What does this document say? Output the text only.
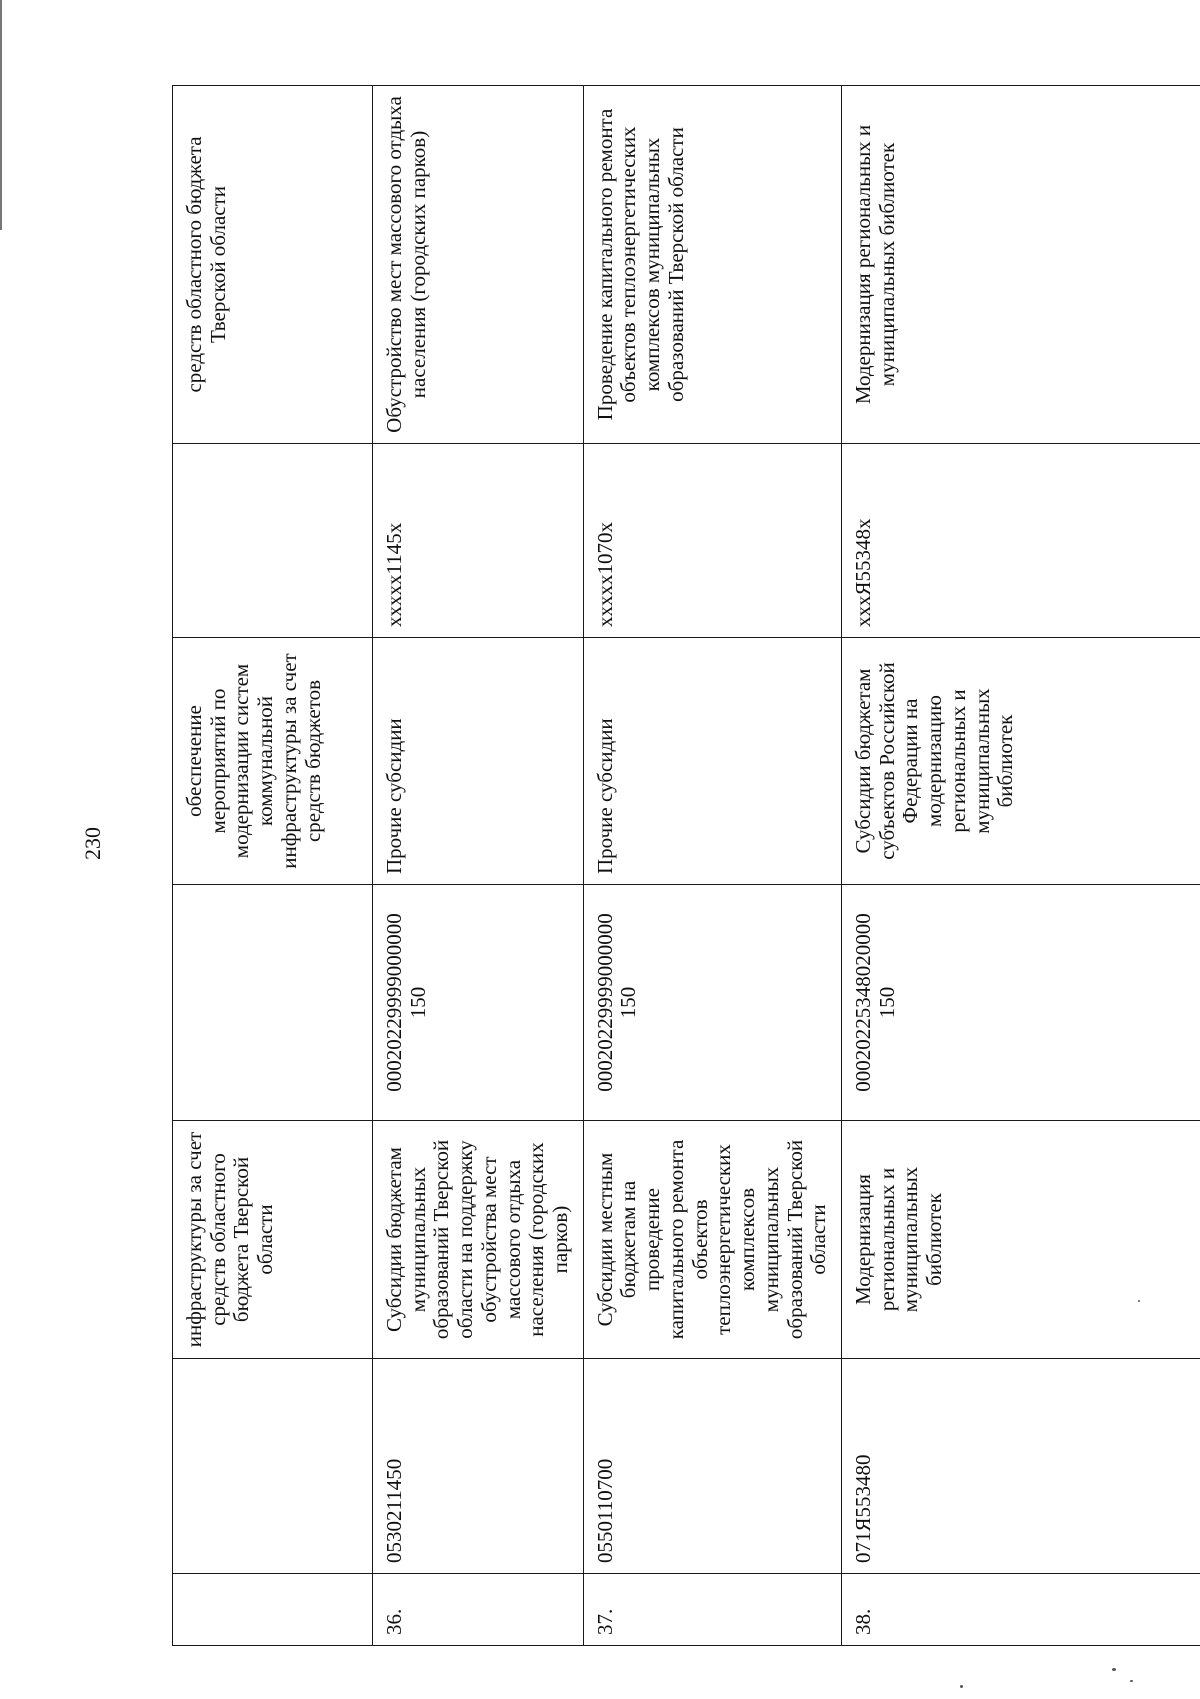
230
		инфраструктуры за счет средств областного бюджета Тверской области		обеспечение мероприятий по модернизации систем коммунальной инфраструктуры за счет средств бюджетов		средств областного бюджета Тверской области
36.	0530211450	Субсидии бюджетам муниципальных образований Тверской области на поддержку обустройства мест массового отдыха населения (городских парков)	00020229999000000 150	Прочие субсидии	xxxxx1145x	Обустройство мест массового отдыха населения (городских парков)
37.	0550110700	Субсидии местным бюджетам на проведение капитального ремонта объектов теплоэнергетических комплексов муниципальных образований Тверской области	00020229999000000 150	Прочие субсидии	xxxxx1070x	Проведение капитального ремонта объектов теплоэнергетических комплексов муниципальных образований Тверской области
38.	071Я553480	Модернизация региональных и муниципальных библиотек	00020225348020000 150	Субсидии бюджетам субъектов Российской Федерации на модернизацию региональных и муниципальных библиотек	xxxЯ55348x	Модернизация региональных и муниципальных библиотек
